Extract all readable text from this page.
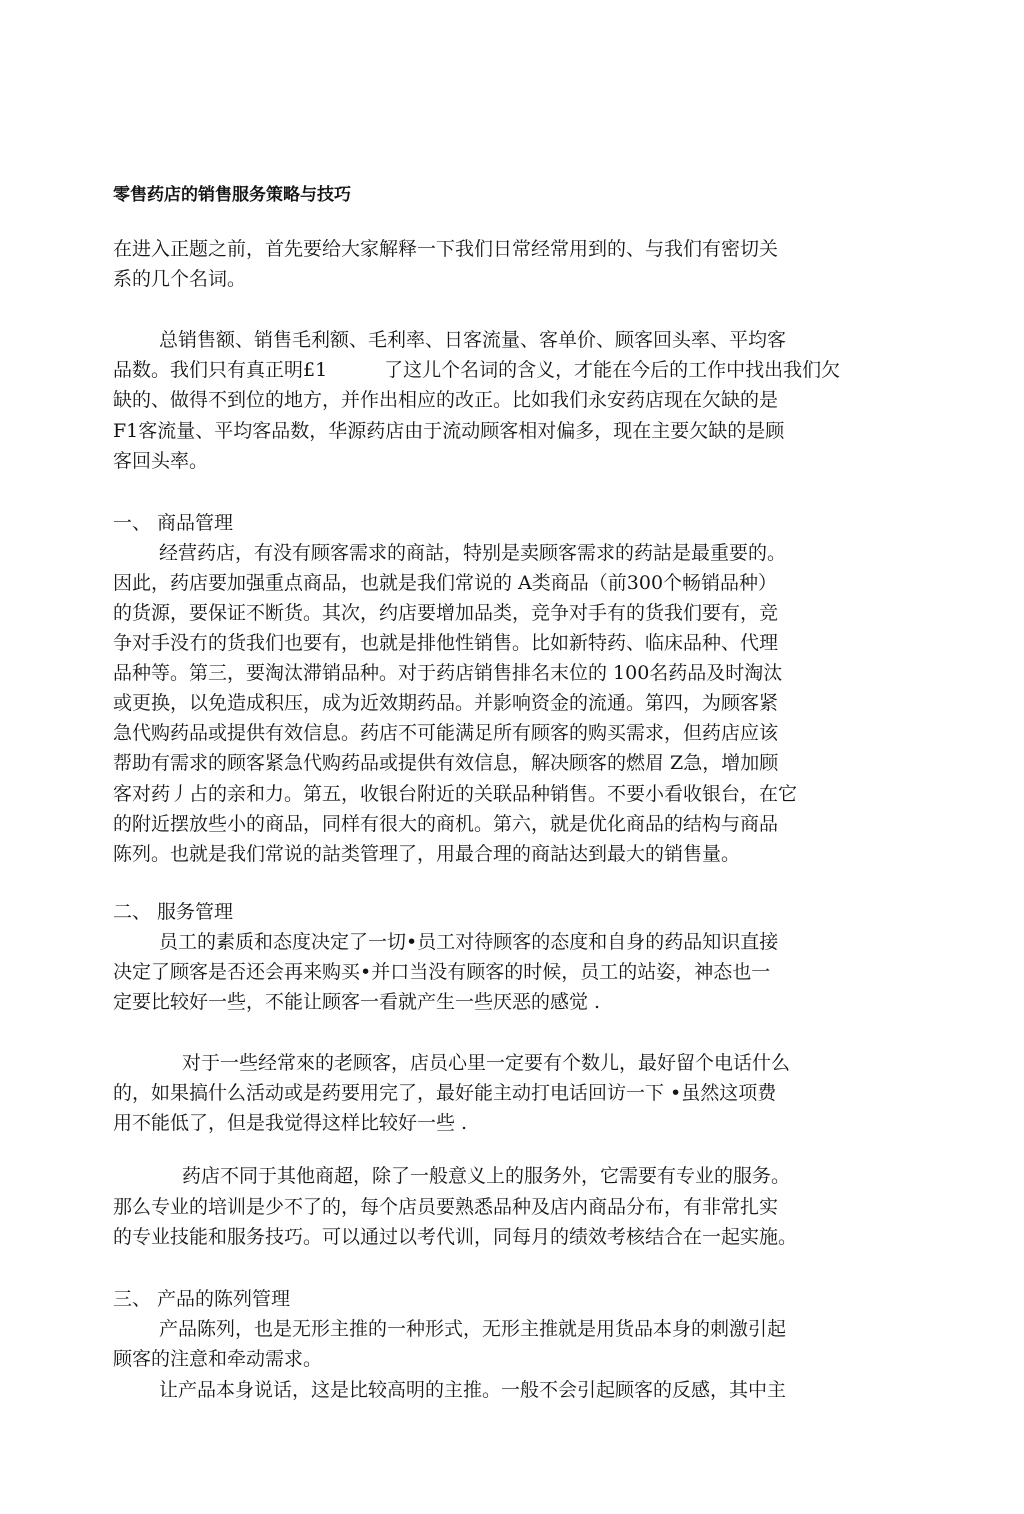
零售药店的销售服务策略与技巧

在进入正题之前，首先要给大家解释一下我们日常经常用到的、与我们有密切关

系的几个名词。

总销售额、销售毛利额、毛利率、日客流量、客单价、顾客回头率、平均客

品数。我们只有真正明£1　　　了这儿个名词的含义，才能在今后的工作中找出我们欠

缺的、做得不到位的地方，并作出相应的改正。比如我们永安药店现在欠缺的是

F1客流量、平均客品数，华源药店由于流动顾客相对偏多，现在主要欠缺的是顾

客回头率。

一、 商品管理

经营药店，有没有顾客需求的商詁，特别是卖顾客需求的药詁是最重要的。

因此，药店要加强重点商品，也就是我们常说的 A类商品（前300个畅销品种）

的货源，要保证不断货。其次，约店要增加品类，竞争对手有的货我们要有，竞

争对手没冇的货我们也要有，也就是排他性销售。比如新特药、临床品种、代理

品种等。第三，要淘汰滞销品种。对于药店销售排名末位的 100名药品及时淘汰

或更换，以免造成积压，成为近效期药品。并影响资金的流通。第四，为顾客紧

急代购药品或提供有效信息。药店不可能满足所有顾客的购买需求，但药店应该

帮助有需求的顾客紧急代购药品或提供有效信息，解决顾客的燃眉 Z急，增加顾

客对药丿占的亲和力。第五，收银台附近的关联品种销售。不要小看收银台，在它

的附近摆放些小的商品，同样有很大的商机。第六，就是优化商品的结构与商品

陈列。也就是我们常说的詁类管理了，用最合理的商詁达到最大的销售量。

二、 服务管理

员工的素质和态度决定了一切•员工对待顾客的态度和自身的药品知识直接

决定了顾客是否还会再来购买•并口当没有顾客的时候，员工的站姿，神态也一

定要比较好一些，不能让顾客一看就产生一些厌恶的感觉 .

对于一些经常來的老顾客，店员心里一定要有个数儿，最好留个电话什么

的，如果搞什么活动或是药要用完了，最好能主动打电话回访一下 •虽然这项费

用不能低了，但是我觉得这样比较好一些 .

药店不同于其他商超，除了一般意义上的服务外，它需要有专业的服务。

那么专业的培训是少不了的，每个店员要熟悉品种及店内商品分布，有非常扎实

的专业技能和服务技巧。可以通过以考代训，同每月的绩效考核结合在一起实施。

三、 产品的陈列管理

产品陈列，也是无形主推的一种形式，无形主推就是用货品本身的刺激引起

顾客的注意和牵动需求。

让产品本身说话，这是比较高明的主推。一般不会引起顾客的反感，其中主
